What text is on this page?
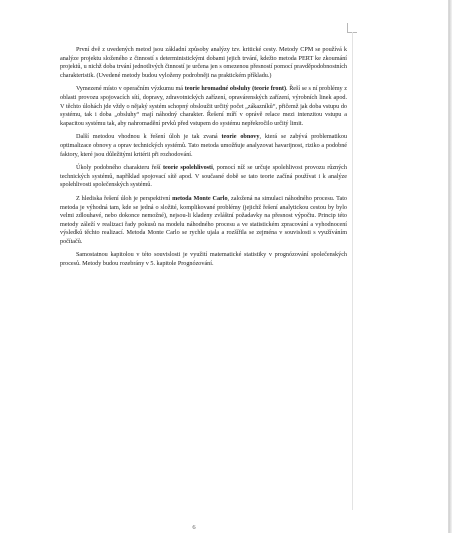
První dvě z uvedených metod jsou základní způsoby analýzy tzv. kritické cesty. Metody CPM se používá k analýze projektu složeného z činností s deterministickými dobami jejich trvání, kdežto metoda PERT ke zkoumání projektů, u nichž doba trvání jednotlivých činností je určena jen s omezenou přesností pomocí pravděpodobnostních charakteristik. (Uvedené metody budou vyloženy podrobněji na praktickém příkladu.)

Vymezené místo v operačním výzkumu má teorie hromadné obsluhy (teorie front). Řeší se s ní problémy z oblasti provozu spojovacích sítí, dopravy, zdravotnických zařízení, opravárenských zařízení, výrobních linek apod. V těchto úlohách jde vždy o nějaký systém schopný obsloužit určitý počet „zákazníků“, přičemž jak doba vstupu do systému, tak i doba „obsluhy“ mají náhodný charakter. Řešení míří v oprávě relace mezi intenzitou vstupu a kapacitou systému tak, aby nahromadění prvků před vstupem do systému nepřekročilo určitý limit.

Další metodou vhodnou k řešení úloh je tak zvaná teorie obnovy, která se zabývá problematikou optimalizace obnovy a oprav technických systémů. Tato metoda umožňuje analyzovat havarijnost, riziko a podobné faktory, které jsou důležitými kritérii při rozhodování.

Úkoly podobného charakteru řeší teorie spolehlivosti, pomocí níž se určuje spolehlivost provozu různých technických systémů, například spojovací sítě apod. V současné době se tato teorie začíná používat i k analýze spolehlivosti společenských systémů.

Z hlediska řešení úloh je perspektivní metoda Monte Carlo, založená na simulaci náhodného procesu. Tato metoda je výhodná tam, kde se jedná o složité, komplikované problémy (jejichž řešení analytickou cestou by bylo velmi zdlouhavé, nebo dokonce nemožné), nejsou-li kladeny zvláštní požadavky na přesnost výpočtu. Princip této metody záleží v realizaci řady pokusů na modelu náhodného procesu a ve statistickém zpracování a vyhodnocení výsledků těchto realizací. Metoda Monte Carlo se rychle ujala a rozšířila se zejména v souvislosti s využíváním počítačů.

Samostatnou kapitolou v této souvislosti je využití matematické statistiky v prognózování společenských procesů. Metody budou rozebrány v 5. kapitole Prognózování.

6
